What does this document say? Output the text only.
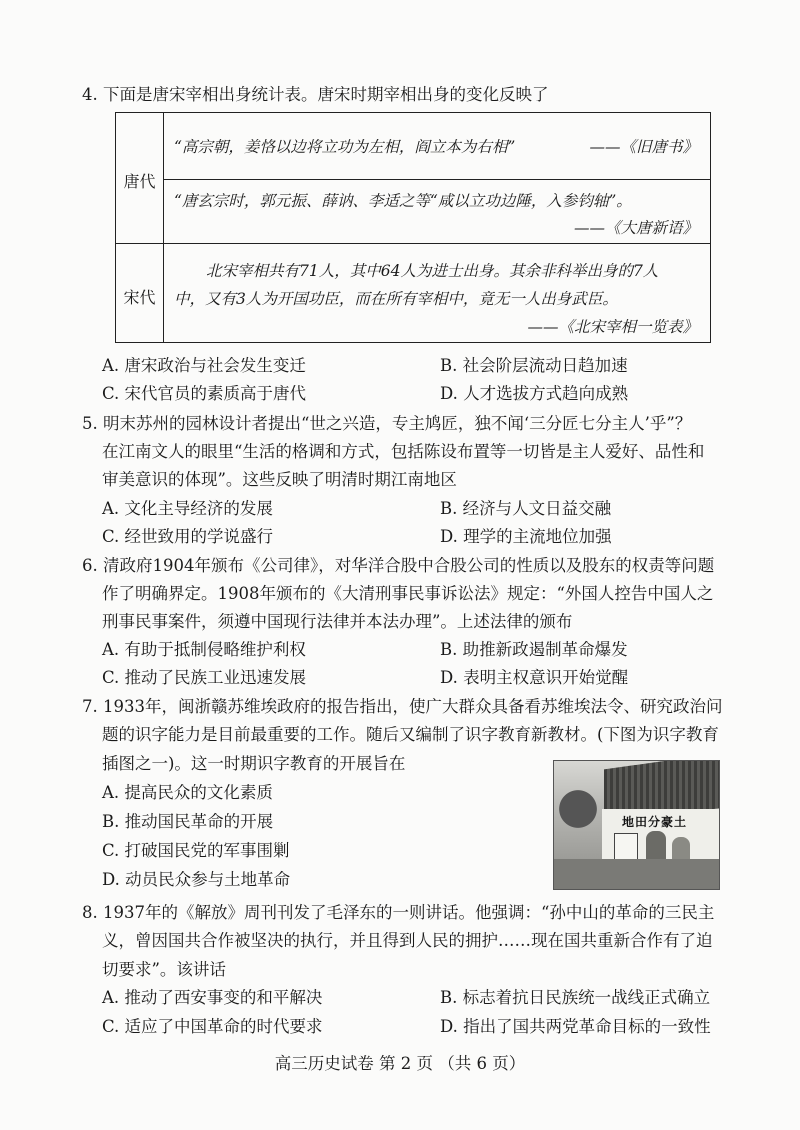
4. 下面是唐宋宰相出身统计表。唐宋时期宰相出身的变化反映了
唐代
“高宗朝，姜恪以边将立功为左相，阎立本为右相”	——《旧唐书》
“唐玄宗时，郭元振、薛讷、李适之等“咸以立功边陲，入参钧轴”。
——《大唐新语》
宋代
北宋宰相共有71人，其中64人为进士出身。其余非科举出身的7人
中，又有3人为开国功臣，而在所有宰相中，竟无一人出身武臣。
——《北宋宰相一览表》
A. 唐宋政治与社会发生变迁	B. 社会阶层流动日趋加速
C. 宋代官员的素质高于唐代	D. 人才选拔方式趋向成熟
5. 明末苏州的园林设计者提出“世之兴造，专主鸠匠，独不闻‘三分匠七分主人’乎”？
在江南文人的眼里“生活的格调和方式，包括陈设布置等一切皆是主人爱好、品性和
审美意识的体现”。这些反映了明清时期江南地区
A. 文化主导经济的发展	B. 经济与人文日益交融
C. 经世致用的学说盛行	D. 理学的主流地位加强
6. 清政府1904年颁布《公司律》，对华洋合股中合股公司的性质以及股东的权责等问题
作了明确界定。1908年颁布的《大清刑事民事诉讼法》规定：“外国人控告中国人之
刑事民事案件，须遵中国现行法律并本法办理”。上述法律的颁布
A. 有助于抵制侵略维护利权	B. 助推新政遏制革命爆发
C. 推动了民族工业迅速发展	D. 表明主权意识开始觉醒
7. 1933年，闽浙赣苏维埃政府的报告指出，使广大群众具备看苏维埃法令、研究政治问
题的识字能力是目前最重要的工作。随后又编制了识字教育新教材。(下图为识字教育
插图之一)。这一时期识字教育的开展旨在
A. 提高民众的文化素质
B. 推动国民革命的开展
C. 打破国民党的军事围剿
D. 动员民众参与土地革命
地田分豪土
8. 1937年的《解放》周刊刊发了毛泽东的一则讲话。他强调：“孙中山的革命的三民主
义，曾因国共合作被坚决的执行，并且得到人民的拥护……现在国共重新合作有了迫
切要求”。该讲话
A. 推动了西安事变的和平解决	B. 标志着抗日民族统一战线正式确立
C. 适应了中国革命的时代要求	D. 指出了国共两党革命目标的一致性
高三历史试卷 第 2 页 （共 6 页）
